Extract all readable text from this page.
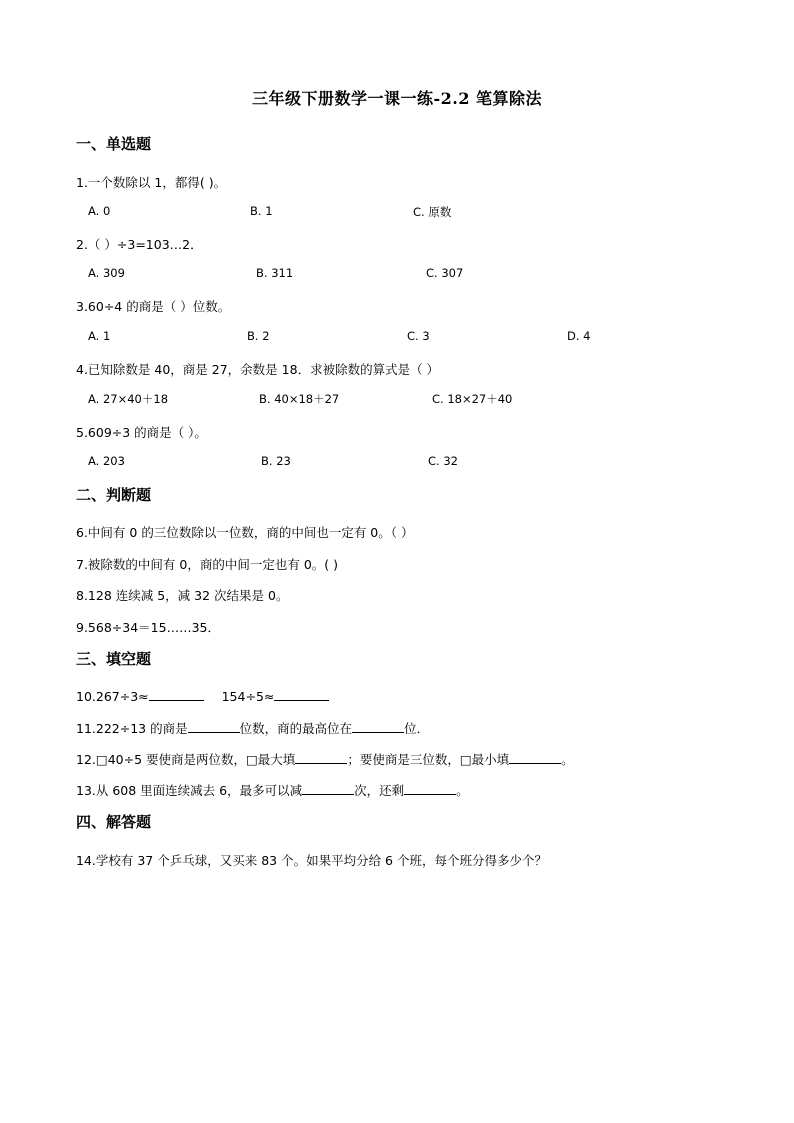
三年级下册数学一课一练-2.2 笔算除法
一、单选题
1.一个数除以 1，都得( )。
A. 0	B. 1	C. 原数
2.（ ）÷3=103…2．
A. 309	B. 311	C. 307
3.60÷4 的商是（ ）位数。
A. 1	B. 2	C. 3	D. 4
4.已知除数是 40，商是 27，余数是 18．求被除数的算式是（ ）
A. 27×40＋18	B. 40×18＋27	C. 18×27＋40
5.609÷3 的商是（ ）。
A. 203	B. 23	C. 32
二、判断题
6.中间有 0 的三位数除以一位数，商的中间也一定有 0。（ ）
7.被除数的中间有 0，商的中间一定也有 0。( )
8.128 连续减 5，减 32 次结果是 0。
9.568÷34＝15……35．
三、填空题
10.267÷3≈	154÷5≈
11.222÷13 的商是	位数，商的最高位在	位．
12.□40÷5 要使商是两位数，□最大填	；要使商是三位数，□最小填	。
13.从 608 里面连续减去 6，最多可以减	次，还剩	。
四、解答题
14.学校有 37 个乒乓球，又买来 83 个。如果平均分给 6 个班，每个班分得多少个？
